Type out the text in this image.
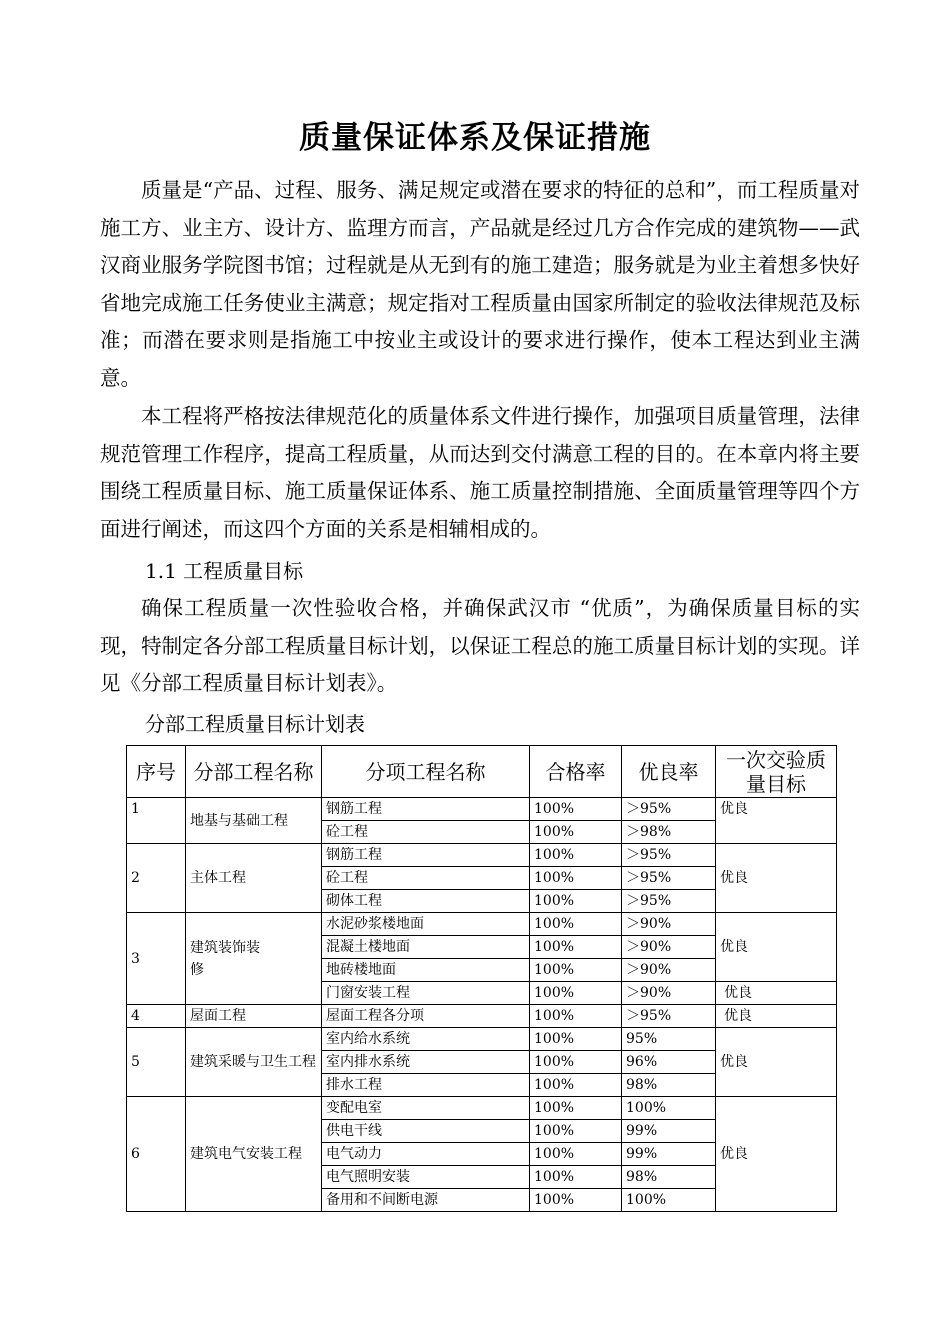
质量保证体系及保证措施

质量是“产品、过程、服务、满足规定或潜在要求的特征的总和”，而工程质量对施工方、业主方、设计方、监理方而言，产品就是经过几方合作完成的建筑物——武汉商业服务学院图书馆；过程就是从无到有的施工建造；服务就是为业主着想多快好省地完成施工任务使业主满意；规定指对工程质量由国家所制定的验收法律规范及标准；而潜在要求则是指施工中按业主或设计的要求进行操作，使本工程达到业主满意。

本工程将严格按法律规范化的质量体系文件进行操作，加强项目质量管理，法律规范管理工作程序，提高工程质量，从而达到交付满意工程的目的。在本章内将主要围绕工程质量目标、施工质量保证体系、施工质量控制措施、全面质量管理等四个方面进行阐述，而这四个方面的关系是相辅相成的。

1.1 工程质量目标

确保工程质量一次性验收合格，并确保武汉市 “优质”，为确保质量目标的实现，特制定各分部工程质量目标计划，以保证工程总的施工质量目标计划的实现。详见《分部工程质量目标计划表》。

分部工程质量目标计划表

序号	分部工程名称	分项工程名称	合格率	优良率	一次交验质量目标
1	地基与基础工程	钢筋工程	100%	＞95%	优良
		砼工程	100%	＞98%	
2	主体工程	钢筋工程	100%	＞95%	优良
		砼工程	100%	＞95%	
		砌体工程	100%	＞95%	
3	建筑装饰装修	水泥砂浆楼地面	100%	＞90%	优良
		混凝土楼地面	100%	＞90%	
		地砖楼地面	100%	＞90%	
		门窗安装工程	100%	＞90%	优良
4	屋面工程	屋面工程各分项	100%	＞95%	优良
5	建筑采暖与卫生工程	室内给水系统	100%	95%	优良
		室内排水系统	100%	96%	
		排水工程	100%	98%	
6	建筑电气安装工程	变配电室	100%	100%	优良
		供电干线	100%	99%	
		电气动力	100%	99%	
		电气照明安装	100%	98%	
		备用和不间断电源	100%	100%	
